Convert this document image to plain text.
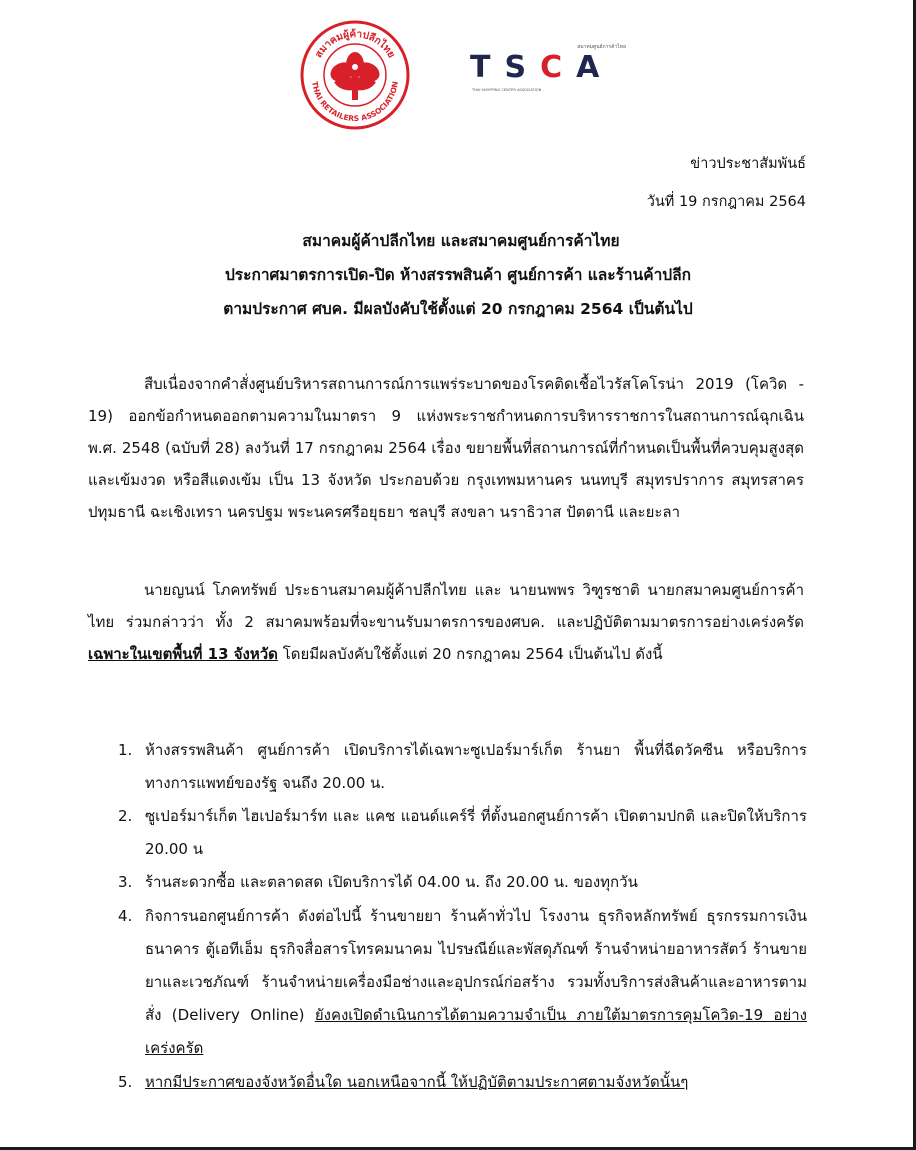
สมาคมผู้ค้าปลีกไทย
THAI RETAILERS ASSOCIATION
สมาคมศูนย์การค้าไทย
THAI SHOPPING CENTER ASSOCIATION
TSCA
ข่าวประชาสัมพันธ์
วันที่ 19 กรกฎาคม 2564
สมาคมผู้ค้าปลีกไทย และสมาคมศูนย์การค้าไทย
ประกาศมาตรการเปิด-ปิด ห้างสรรพสินค้า ศูนย์การค้า และร้านค้าปลีก
ตามประกาศ ศบค. มีผลบังคับใช้ตั้งแต่ 20 กรกฎาคม 2564 เป็นต้นไป
สืบเนื่องจากคำสั่งศูนย์บริหารสถานการณ์การแพร่ระบาดของโรคติดเชื้อไวรัสโคโรน่า 2019 (โควิด - 19) ออกข้อกำหนดออกตามความในมาตรา 9 แห่งพระราชกำหนดการบริหารราชการในสถานการณ์ฉุกเฉิน พ.ศ. 2548 (ฉบับที่ 28) ลงวันที่ 17 กรกฎาคม 2564 เรื่อง ขยายพื้นที่สถานการณ์ที่กำหนดเป็นพื้นที่ควบคุมสูงสุดและเข้มงวด หรือสีแดงเข้ม เป็น 13 จังหวัด ประกอบด้วย กรุงเทพมหานคร นนทบุรี สมุทรปราการ สมุทรสาคร ปทุมธานี ฉะเชิงเทรา นครปฐม พระนครศรีอยุธยา ชลบุรี สงขลา นราธิวาส ปัตตานี และยะลา
นายญนน์ โภคทรัพย์ ประธานสมาคมผู้ค้าปลีกไทย และ นายนพพร วิฑูรชาติ นายกสมาคมศูนย์การค้าไทย ร่วมกล่าวว่า ทั้ง 2 สมาคมพร้อมที่จะขานรับมาตรการของศบค. และปฏิบัติตามมาตรการอย่างเคร่งครัด เฉพาะในเขตพื้นที่ 13 จังหวัด โดยมีผลบังคับใช้ตั้งแต่ 20 กรกฎาคม 2564 เป็นต้นไป ดังนี้
1. ห้างสรรพสินค้า ศูนย์การค้า เปิดบริการได้เฉพาะซูเปอร์มาร์เก็ต ร้านยา พื้นที่ฉีดวัคซีน หรือบริการทางการแพทย์ของรัฐ จนถึง 20.00 น.
2. ซูเปอร์มาร์เก็ต ไฮเปอร์มาร์ท และ แคช แอนด์แคร์รี่ ที่ตั้งนอกศูนย์การค้า เปิดตามปกติ และปิดให้บริการ 20.00 น
3. ร้านสะดวกซื้อ และตลาดสด เปิดบริการได้ 04.00 น. ถึง 20.00 น. ของทุกวัน
4. กิจการนอกศูนย์การค้า ดังต่อไปนี้ ร้านขายยา ร้านค้าทั่วไป โรงงาน ธุรกิจหลักทรัพย์ ธุรกรรมการเงิน ธนาคาร ตู้เอทีเอ็ม ธุรกิจสื่อสารโทรคมนาคม ไปรษณีย์และพัสดุภัณฑ์ ร้านจำหน่ายอาหารสัตว์ ร้านขายยาและเวชภัณฑ์ ร้านจำหน่ายเครื่องมือช่างและอุปกรณ์ก่อสร้าง รวมทั้งบริการส่งสินค้าและอาหารตามสั่ง (Delivery Online) ยังคงเปิดดำเนินการได้ตามความจำเป็น ภายใต้มาตรการคุมโควิด-19 อย่างเคร่งครัด
5. หากมีประกาศของจังหวัดอื่นใด นอกเหนือจากนี้ ให้ปฏิบัติตามประกาศตามจังหวัดนั้นๆ
